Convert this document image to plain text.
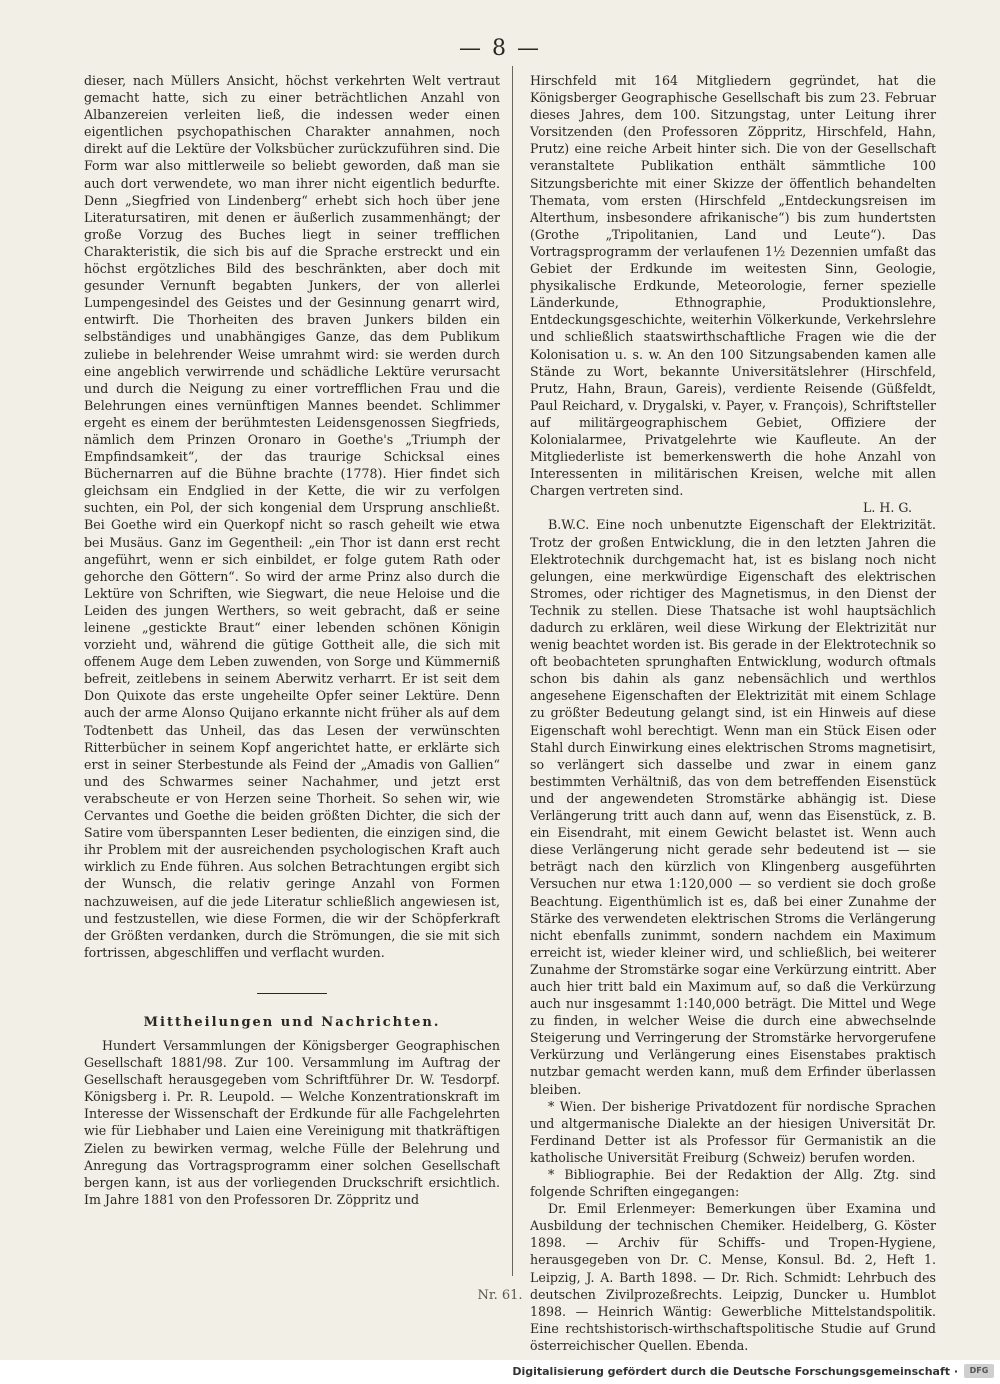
— 8 —

dieser, nach Müllers Ansicht, höchst verkehrten Welt vertraut gemacht hatte, sich zu einer beträchtlichen Anzahl von Albanzereien verleiten ließ, die indessen weder einen eigentlichen psychopathischen Charakter annahmen, noch direkt auf die Lektüre der Volksbücher zurückzuführen sind. Die Form war also mittlerweile so beliebt geworden, daß man sie auch dort verwendete, wo man ihrer nicht eigentlich bedurfte. Denn „Siegfried von Lindenberg“ erhebt sich hoch über jene Literatursatiren, mit denen er äußerlich zusammenhängt; der große Vorzug des Buches liegt in seiner trefflichen Charakteristik, die sich bis auf die Sprache erstreckt und ein höchst ergötzliches Bild des beschränkten, aber doch mit gesunder Vernunft begabten Junkers, der von allerlei Lumpengesindel des Geistes und der Gesinnung genarrt wird, entwirft. Die Thorheiten des braven Junkers bilden ein selbständiges und unabhängiges Ganze, das dem Publikum zuliebe in belehrender Weise umrahmt wird: sie werden durch eine angeblich verwirrende und schädliche Lektüre verursacht und durch die Neigung zu einer vortrefflichen Frau und die Belehrungen eines vernünftigen Mannes beendet. Schlimmer ergeht es einem der berühmtesten Leidensgenossen Siegfrieds, nämlich dem Prinzen Oronaro in Goethe's „Triumph der Empfindsamkeit“, der das traurige Schicksal eines Büchernarren auf die Bühne brachte (1778). Hier findet sich gleichsam ein Endglied in der Kette, die wir zu verfolgen suchten, ein Pol, der sich kongenial dem Ursprung anschließt. Bei Goethe wird ein Querkopf nicht so rasch geheilt wie etwa bei Musäus. Ganz im Gegentheil: „ein Thor ist dann erst recht angeführt, wenn er sich einbildet, er folge gutem Rath oder gehorche den Göttern“. So wird der arme Prinz also durch die Lektüre von Schriften, wie Siegwart, die neue Heloise und die Leiden des jungen Werthers, so weit gebracht, daß er seine leinene „gestickte Braut“ einer lebenden schönen Königin vorzieht und, während die gütige Gottheit alle, die sich mit offenem Auge dem Leben zuwenden, von Sorge und Kümmerniß befreit, zeitlebens in seinem Aberwitz verharrt. Er ist seit dem Don Quixote das erste ungeheilte Opfer seiner Lektüre. Denn auch der arme Alonso Quijano erkannte nicht früher als auf dem Todtenbett das Unheil, das das Lesen der verwünschten Ritterbücher in seinem Kopf angerichtet hatte, er erklärte sich erst in seiner Sterbestunde als Feind der „Amadis von Gallien“ und des Schwarmes seiner Nachahmer, und jetzt erst verabscheute er von Herzen seine Thorheit. So sehen wir, wie Cervantes und Goethe die beiden größten Dichter, die sich der Satire vom überspannten Leser bedienten, die einzigen sind, die ihr Problem mit der ausreichenden psychologischen Kraft auch wirklich zu Ende führen. Aus solchen Betrachtungen ergibt sich der Wunsch, die relativ geringe Anzahl von Formen nachzuweisen, auf die jede Literatur schließlich angewiesen ist, und festzustellen, wie diese Formen, die wir der Schöpferkraft der Größten verdanken, durch die Strömungen, die sie mit sich fortrissen, abgeschliffen und verflacht wurden.

Mittheilungen und Nachrichten.

Hundert Versammlungen der Königsberger Geographischen Gesellschaft 1881/98. Zur 100. Versammlung im Auftrag der Gesellschaft herausgegeben vom Schriftführer Dr. W. Tesdorpf. Königsberg i. Pr. R. Leupold. — Welche Konzentrationskraft im Interesse der Wissenschaft der Erdkunde für alle Fachgelehrten wie für Liebhaber und Laien eine Vereinigung mit thatkräftigen Zielen zu bewirken vermag, welche Fülle der Belehrung und Anregung das Vortragsprogramm einer solchen Gesellschaft bergen kann, ist aus der vorliegenden Druckschrift ersichtlich. Im Jahre 1881 von den Professoren Dr. Zöppritz und

Hirschfeld mit 164 Mitgliedern gegründet, hat die Königsberger Geographische Gesellschaft bis zum 23. Februar dieses Jahres, dem 100. Sitzungstag, unter Leitung ihrer Vorsitzenden (den Professoren Zöppritz, Hirschfeld, Hahn, Prutz) eine reiche Arbeit hinter sich. Die von der Gesellschaft veranstaltete Publikation enthält sämmtliche 100 Sitzungsberichte mit einer Skizze der öffentlich behandelten Themata, vom ersten (Hirschfeld „Entdeckungsreisen im Alterthum, insbesondere afrikanische“) bis zum hundertsten (Grothe „Tripolitanien, Land und Leute“). Das Vortragsprogramm der verlaufenen 1½ Dezennien umfaßt das Gebiet der Erdkunde im weitesten Sinn, Geologie, physikalische Erdkunde, Meteorologie, ferner spezielle Länderkunde, Ethnographie, Produktionslehre, Entdeckungsgeschichte, weiterhin Völkerkunde, Verkehrslehre und schließlich staatswirthschaftliche Fragen wie die der Kolonisation u. s. w. An den 100 Sitzungsabenden kamen alle Stände zu Wort, bekannte Universitätslehrer (Hirschfeld, Prutz, Hahn, Braun, Gareis), verdiente Reisende (Güßfeldt, Paul Reichard, v. Drygalski, v. Payer, v. François), Schriftsteller auf militärgeographischem Gebiet, Offiziere der Kolonialarmee, Privatgelehrte wie Kaufleute. An der Mitgliederliste ist bemerkenswerth die hohe Anzahl von Interessenten in militärischen Kreisen, welche mit allen Chargen vertreten sind.

L. H. G.

B.W.C. Eine noch unbenutzte Eigenschaft der Elektrizität. Trotz der großen Entwicklung, die in den letzten Jahren die Elektrotechnik durchgemacht hat, ist es bislang noch nicht gelungen, eine merkwürdige Eigenschaft des elektrischen Stromes, oder richtiger des Magnetismus, in den Dienst der Technik zu stellen. Diese Thatsache ist wohl hauptsächlich dadurch zu erklären, weil diese Wirkung der Elektrizität nur wenig beachtet worden ist. Bis gerade in der Elektrotechnik so oft beobachteten sprunghaften Entwicklung, wodurch oftmals schon bis dahin als ganz nebensächlich und werthlos angesehene Eigenschaften der Elektrizität mit einem Schlage zu größter Bedeutung gelangt sind, ist ein Hinweis auf diese Eigenschaft wohl berechtigt. Wenn man ein Stück Eisen oder Stahl durch Einwirkung eines elektrischen Stroms magnetisirt, so verlängert sich dasselbe und zwar in einem ganz bestimmten Verhältniß, das von dem betreffenden Eisenstück und der angewendeten Stromstärke abhängig ist. Diese Verlängerung tritt auch dann auf, wenn das Eisenstück, z. B. ein Eisendraht, mit einem Gewicht belastet ist. Wenn auch diese Verlängerung nicht gerade sehr bedeutend ist — sie beträgt nach den kürzlich von Klingenberg ausgeführten Versuchen nur etwa 1:120,000 — so verdient sie doch große Beachtung. Eigenthümlich ist es, daß bei einer Zunahme der Stärke des verwendeten elektrischen Stroms die Verlängerung nicht ebenfalls zunimmt, sondern nachdem ein Maximum erreicht ist, wieder kleiner wird, und schließlich, bei weiterer Zunahme der Stromstärke sogar eine Verkürzung eintritt. Aber auch hier tritt bald ein Maximum auf, so daß die Verkürzung auch nur insgesammt 1:140,000 beträgt. Die Mittel und Wege zu finden, in welcher Weise die durch eine abwechselnde Steigerung und Verringerung der Stromstärke hervorgerufene Verkürzung und Verlängerung eines Eisenstabes praktisch nutzbar gemacht werden kann, muß dem Erfinder überlassen bleiben.

* Wien. Der bisherige Privatdozent für nordische Sprachen und altgermanische Dialekte an der hiesigen Universität Dr. Ferdinand Detter ist als Professor für Germanistik an die katholische Universität Freiburg (Schweiz) berufen worden.

* Bibliographie. Bei der Redaktion der Allg. Ztg. sind folgende Schriften eingegangen:

Dr. Emil Erlenmeyer: Bemerkungen über Examina und Ausbildung der technischen Chemiker. Heidelberg, G. Köster 1898. — Archiv für Schiffs- und Tropen-Hygiene, herausgegeben von Dr. C. Mense, Konsul. Bd. 2, Heft 1. Leipzig, J. A. Barth 1898. — Dr. Rich. Schmidt: Lehrbuch des deutschen Zivilprozeßrechts. Leipzig, Duncker u. Humblot 1898. — Heinrich Wäntig: Gewerbliche Mittelstandspolitik. Eine rechtshistorisch-wirthschaftspolitische Studie auf Grund österreichischer Quellen. Ebenda.

Nr. 61.
Digitalisierung gefördert durch die Deutsche Forschungsgemeinschaft ·	DFG
